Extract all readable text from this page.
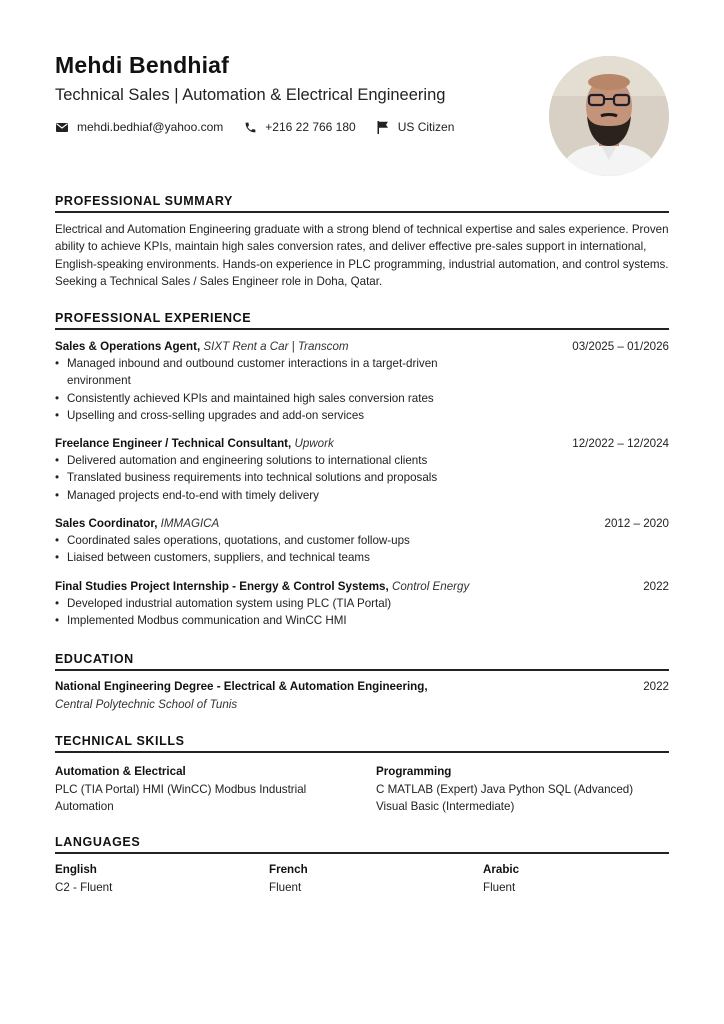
Mehdi Bendhiaf
Technical Sales | Automation & Electrical Engineering
mehdi.bedhiaf@yahoo.com	+216 22 766 180	US Citizen
PROFESSIONAL SUMMARY
Electrical and Automation Engineering graduate with a strong blend of technical expertise and sales experience. Proven ability to achieve KPIs, maintain high sales conversion rates, and deliver effective pre-sales support in international, English-speaking environments. Hands-on experience in PLC programming, industrial automation, and control systems. Seeking a Technical Sales / Sales Engineer role in Doha, Qatar.
PROFESSIONAL EXPERIENCE
Sales & Operations Agent, SIXT Rent a Car | Transcom	03/2025 – 01/2026
• Managed inbound and outbound customer interactions in a target-driven environment
• Consistently achieved KPIs and maintained high sales conversion rates
• Upselling and cross-selling upgrades and add-on services
Freelance Engineer / Technical Consultant, Upwork	12/2022 – 12/2024
• Delivered automation and engineering solutions to international clients
• Translated business requirements into technical solutions and proposals
• Managed projects end-to-end with timely delivery
Sales Coordinator, IMMAGICA	2012 – 2020
• Coordinated sales operations, quotations, and customer follow-ups
• Liaised between customers, suppliers, and technical teams
Final Studies Project Internship - Energy & Control Systems, Control Energy	2022
• Developed industrial automation system using PLC (TIA Portal)
• Implemented Modbus communication and WinCC HMI
EDUCATION
National Engineering Degree - Electrical & Automation Engineering,	2022
Central Polytechnic School of Tunis
TECHNICAL SKILLS
Automation & Electrical
PLC (TIA Portal) HMI (WinCC) Modbus Industrial Automation
Programming
C MATLAB (Expert) Java Python SQL (Advanced) Visual Basic (Intermediate)
LANGUAGES
English
C2 - Fluent
French
Fluent
Arabic
Fluent
